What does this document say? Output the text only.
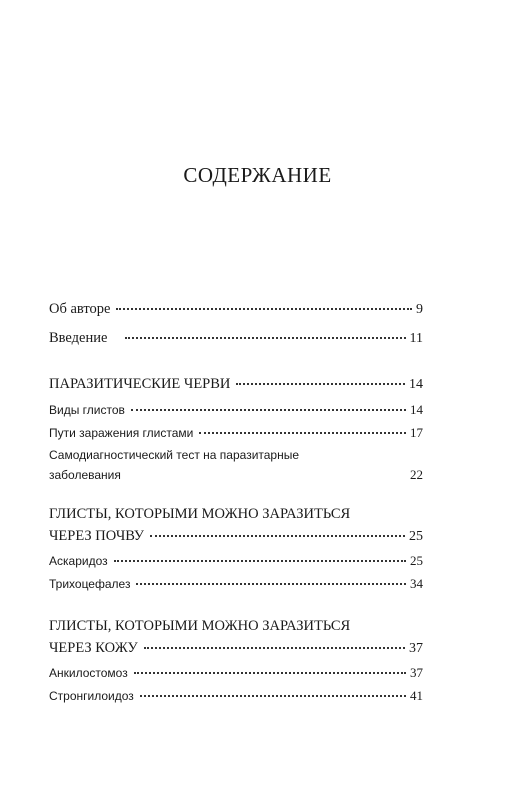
СОДЕРЖАНИЕ
Об авторе	9
Введение	11
ПАРАЗИТИЧЕСКИЕ ЧЕРВИ	14
Виды глистов	14
Пути заражения глистами	17
Самодиагностический тест на паразитарные
заболевания	22
ГЛИСТЫ, КОТОРЫМИ МОЖНО ЗАРАЗИТЬСЯ
ЧЕРЕЗ ПОЧВУ	25
Аскаридоз	25
Трихоцефалез	34
ГЛИСТЫ, КОТОРЫМИ МОЖНО ЗАРАЗИТЬСЯ
ЧЕРЕЗ КОЖУ	37
Анкилостомоз	37
Стронгилоидоз	41
